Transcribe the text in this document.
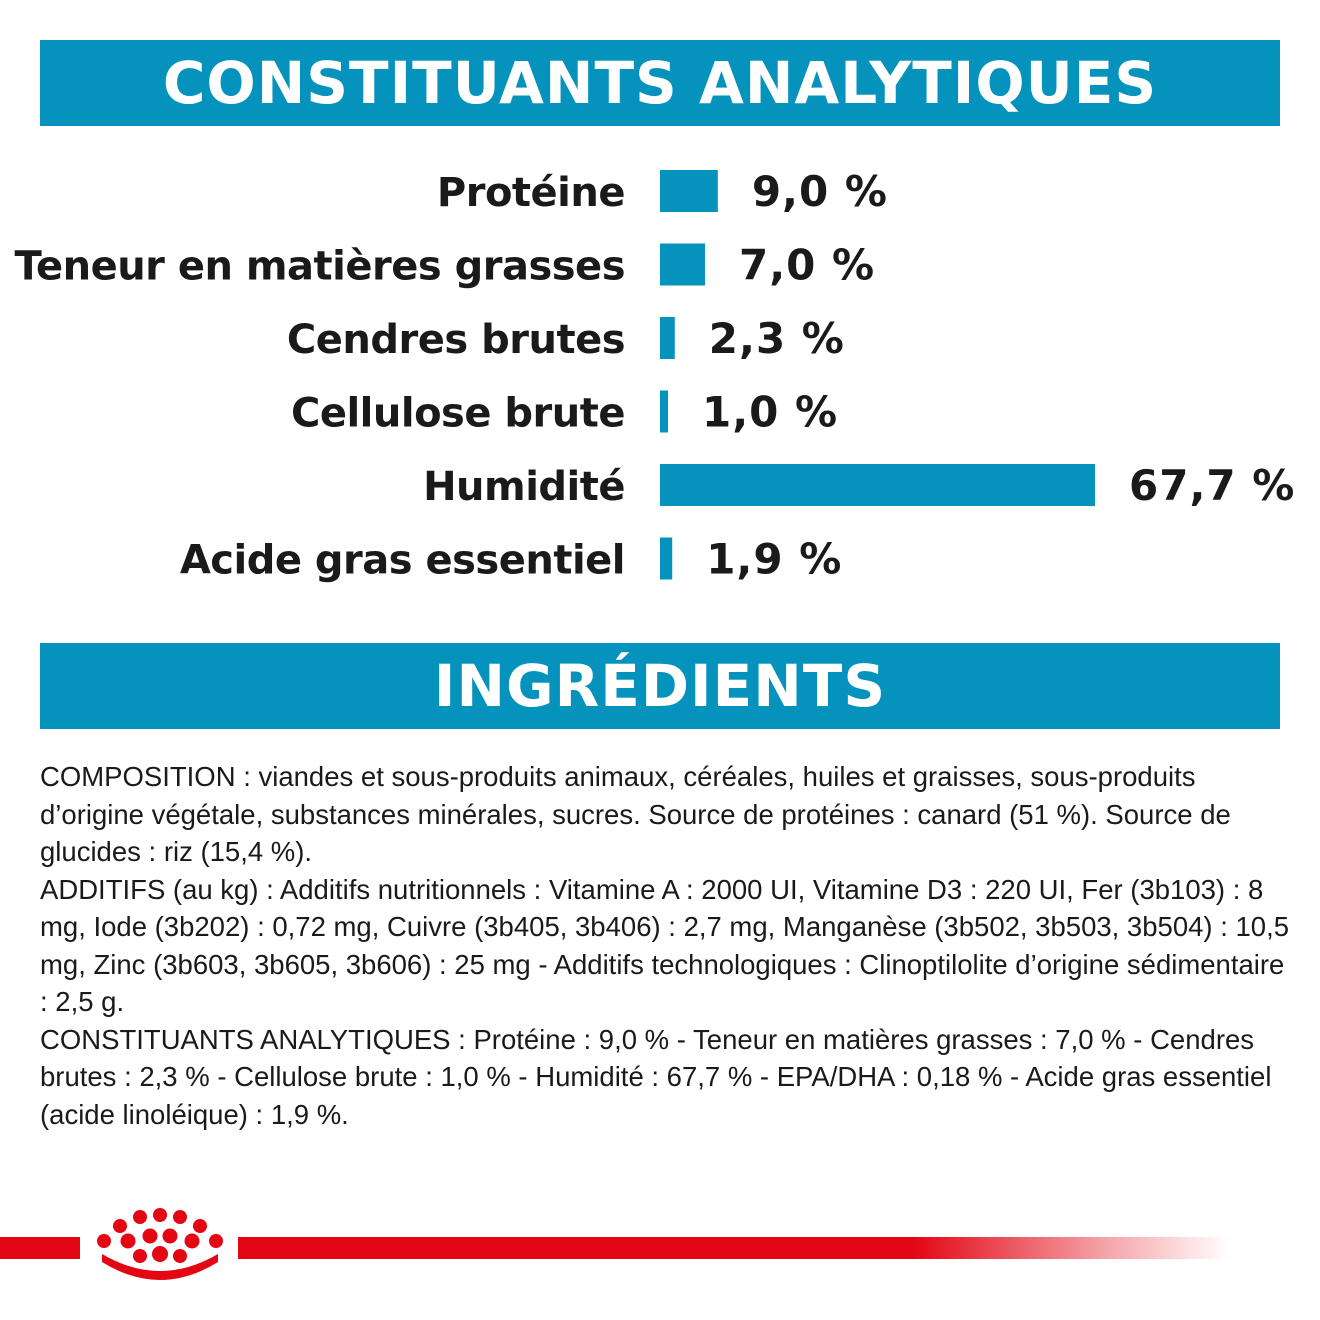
CONSTITUANTS ANALYTIQUES
Protéine	9,0 %
Teneur en matières grasses	7,0 %
Cendres brutes 2,3 %
Cellulose brute 1,0 %
Humidité	67,7 %
Acide gras essentiel 1,9 %
INGRÉDIENTS

COMPOSITION : viandes et sous-produits animaux, céréales, huiles et graisses, sous-produits d’origine végétale, substances minérales, sucres. Source de protéines : canard (51 %). Source de glucides : riz (15,4 %).

ADDITIFS (au kg) : Additifs nutritionnels : Vitamine A : 2000 UI, Vitamine D3 : 220 UI, Fer (3b103) : 8 mg, Iode (3b202) : 0,72 mg, Cuivre (3b405, 3b406) : 2,7 mg, Manganèse (3b502, 3b503, 3b504) : 10,5 mg, Zinc (3b603, 3b605, 3b606) : 25 mg - Additifs technologiques : Clinoptilolite d’origine sédimentaire : 2,5 g.

CONSTITUANTS ANALYTIQUES : Protéine : 9,0 % - Teneur en matières grasses : 7,0 % - Cendres brutes : 2,3 % - Cellulose brute : 1,0 % - Humidité : 67,7 % - EPA/DHA : 0,18 % - Acide gras essentiel (acide linoléique) : 1,9 %.
